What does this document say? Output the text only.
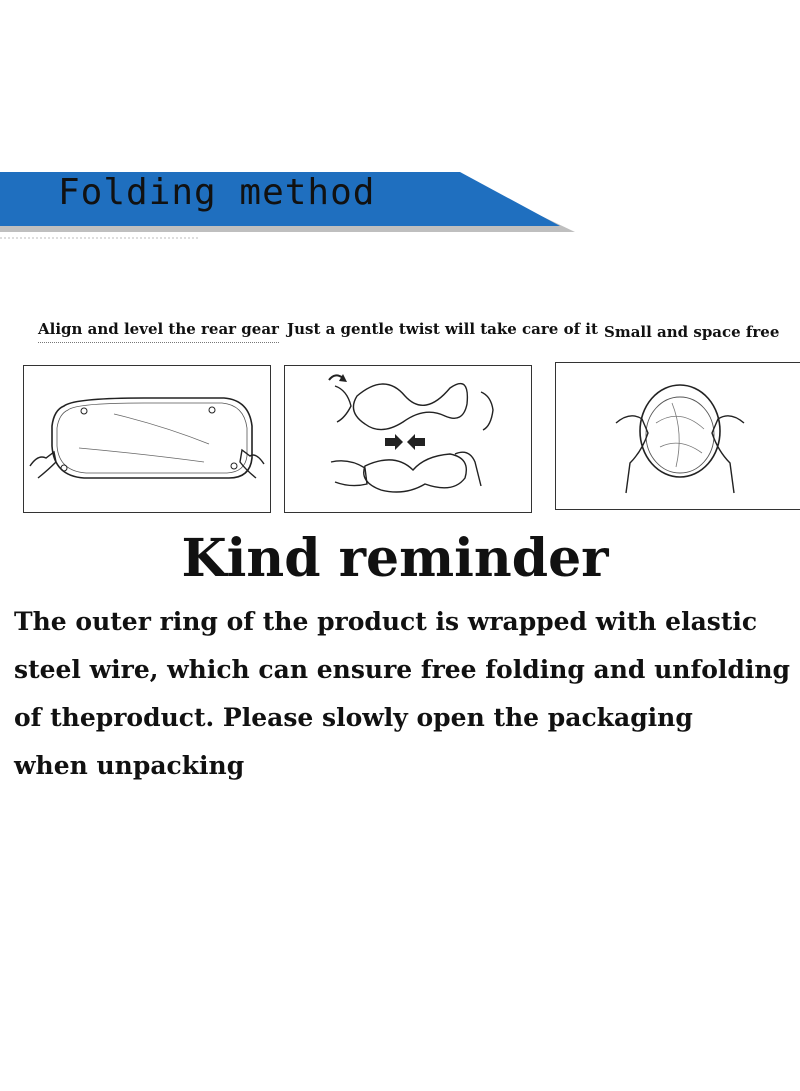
Folding method
Align and level the rear gear Just a gentle twist will take care of it Small and space free
Kind reminder
The outer ring of the product is wrapped with elastic
steel wire, which can ensure free folding and unfolding
of theproduct. Please slowly open the packaging
when unpacking
